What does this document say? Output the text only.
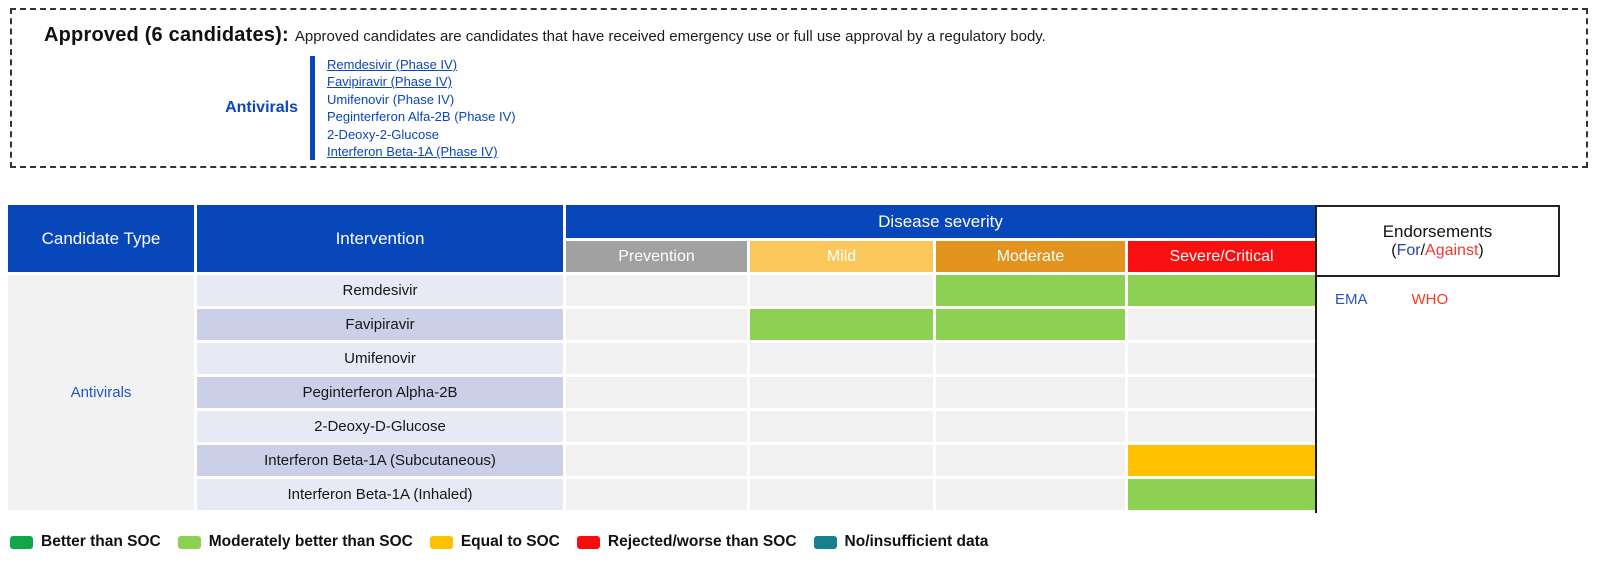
Approved (6 candidates): Approved candidates are candidates that have received emergency use or full use approval by a regulatory body.
Antivirals
Remdesivir (Phase IV)
Favipiravir (Phase IV)
Umifenovir (Phase IV)
Peginterferon Alfa-2B (Phase IV)
2-Deoxy-2-Glucose
Interferon Beta-1A (Phase IV)
Candidate Type	Intervention
Disease severity
Prevention	Mild	Moderate	Severe/Critical
Antivirals
Remdesivir
Favipiravir
Umifenovir
Peginterferon Alpha-2B
2-Deoxy-D-Glucose
Interferon Beta-1A (Subcutaneous)
Interferon Beta-1A (Inhaled)
Endorsements
(For/Against)
EMA	WHO
Better than SOC	Moderately better than SOC	Equal to SOC	Rejected/worse than SOC	No/insufficient data
